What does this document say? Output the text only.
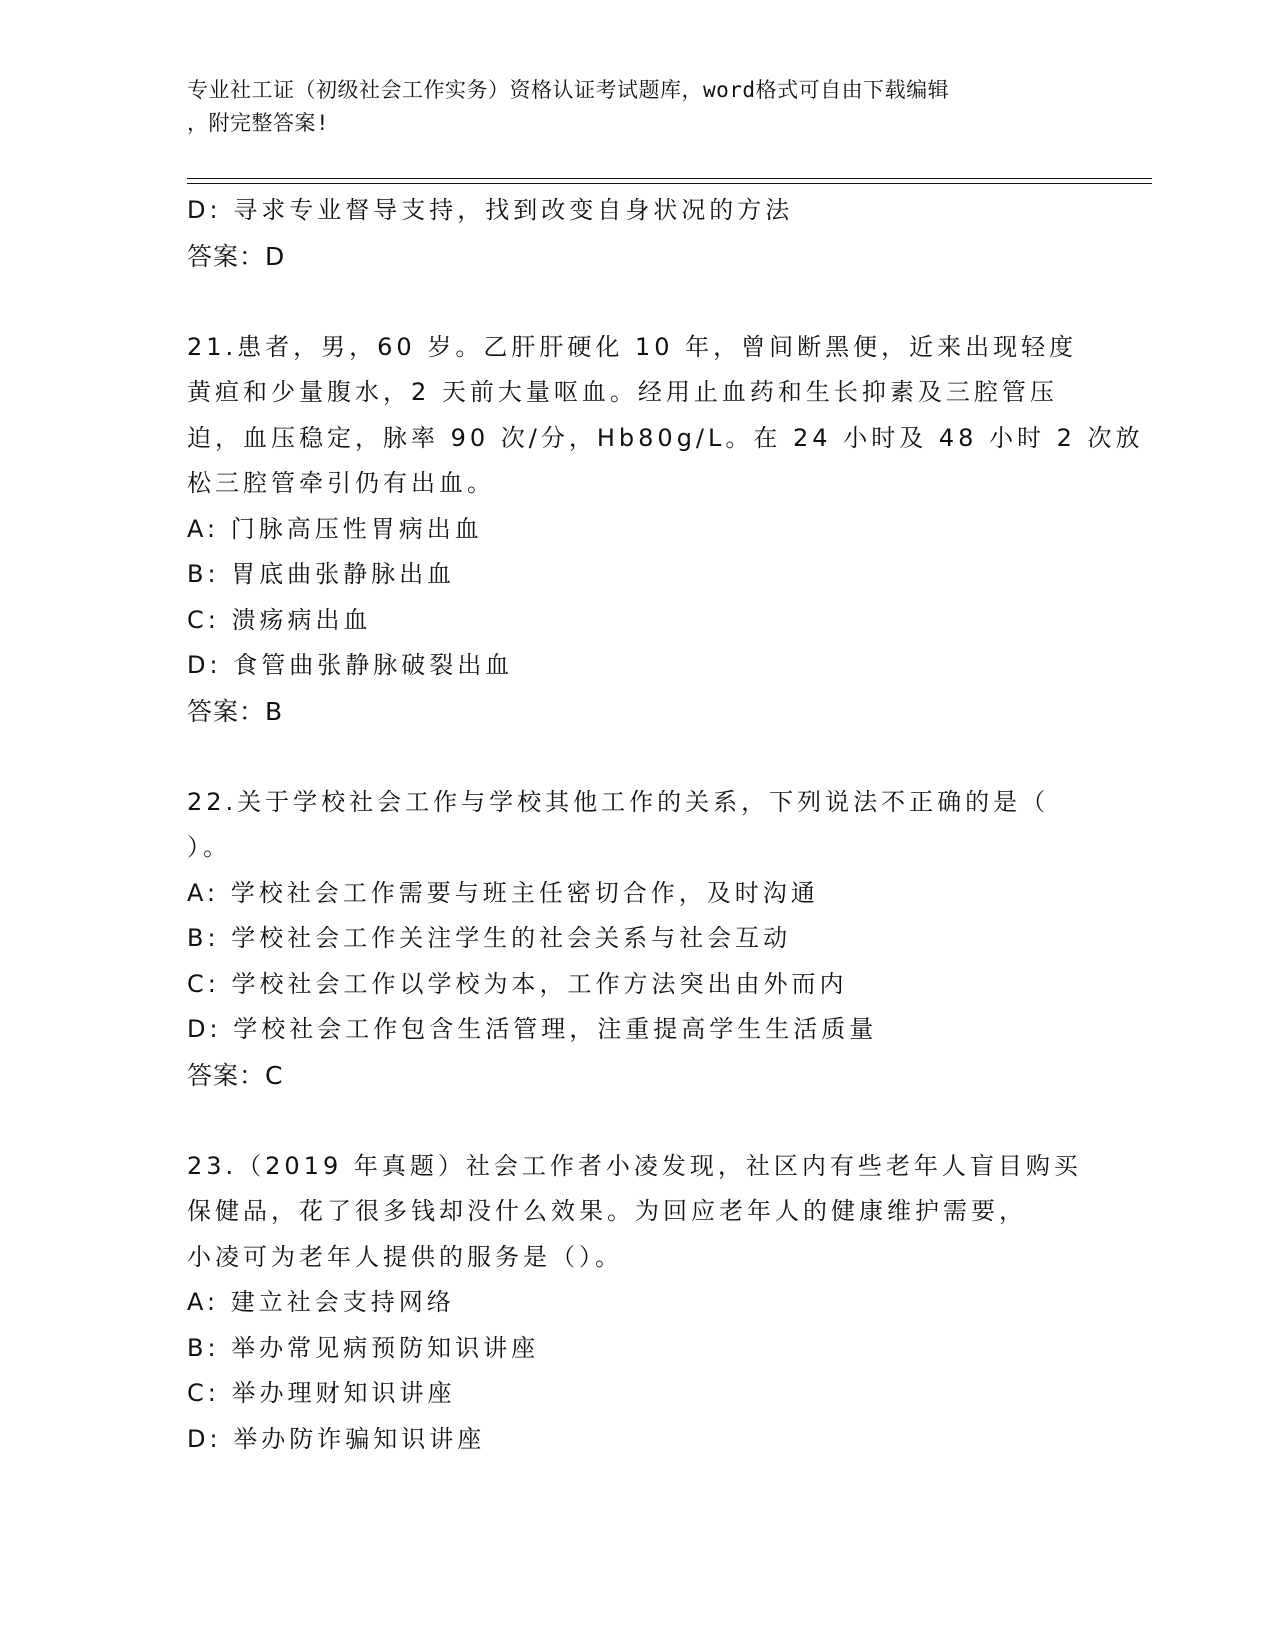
专业社工证（初级社会工作实务）资格认证考试题库，word格式可自由下载编辑
，附完整答案!
D: 寻求专业督导支持，找到改变自身状况的方法
答案：D
21.患者，男，60 岁。乙肝肝硬化 10 年，曾间断黑便，近来出现轻度
黄疸和少量腹水，2 天前大量呕血。经用止血药和生长抑素及三腔管压
迫，血压稳定，脉率 90 次/分，Hb80g/L。在 24 小时及 48 小时 2 次放
松三腔管牵引仍有出血。
A: 门脉高压性胃病出血
B: 胃底曲张静脉出血
C: 溃疡病出血
D: 食管曲张静脉破裂出血
答案：B
22.关于学校社会工作与学校其他工作的关系，下列说法不正确的是（
）。
A: 学校社会工作需要与班主任密切合作，及时沟通
B: 学校社会工作关注学生的社会关系与社会互动
C: 学校社会工作以学校为本，工作方法突出由外而内
D: 学校社会工作包含生活管理，注重提高学生生活质量
答案：C
23.（2019 年真题）社会工作者小凌发现，社区内有些老年人盲目购买
保健品，花了很多钱却没什么效果。为回应老年人的健康维护需要，
小凌可为老年人提供的服务是（）。
A: 建立社会支持网络
B: 举办常见病预防知识讲座
C: 举办理财知识讲座
D: 举办防诈骗知识讲座
